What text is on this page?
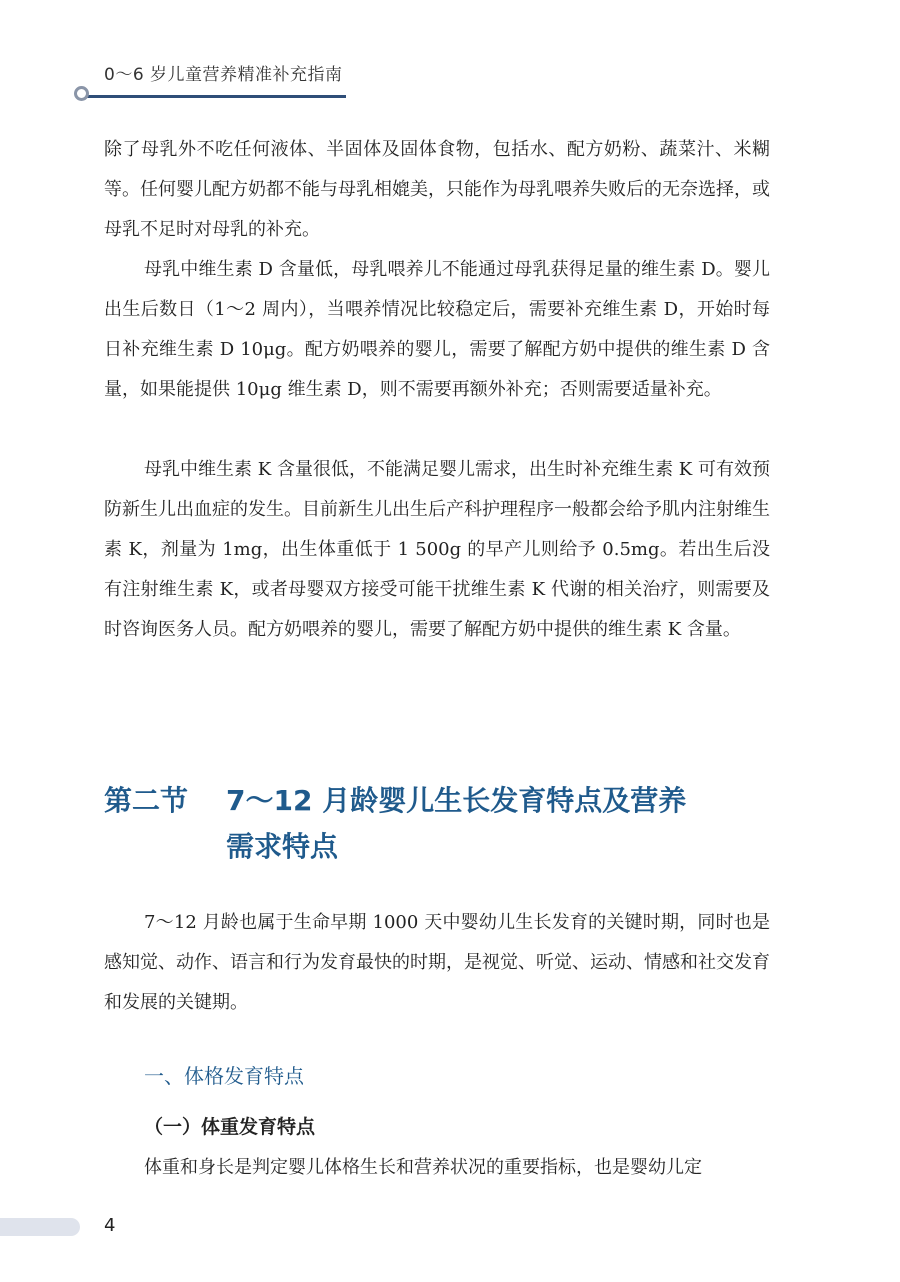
0～6 岁儿童营养精准补充指南

除了母乳外不吃任何液体、半固体及固体食物，包括水、配方奶粉、蔬菜汁、米糊等。任何婴儿配方奶都不能与母乳相媲美，只能作为母乳喂养失败后的无奈选择，或母乳不足时对母乳的补充。

母乳中维生素 D 含量低，母乳喂养儿不能通过母乳获得足量的维生素 D。婴儿出生后数日（1～2 周内），当喂养情况比较稳定后，需要补充维生素 D，开始时每日补充维生素 D 10μg。配方奶喂养的婴儿，需要了解配方奶中提供的维生素 D 含量，如果能提供 10μg 维生素 D，则不需要再额外补充；否则需要适量补充。

母乳中维生素 K 含量很低，不能满足婴儿需求，出生时补充维生素 K 可有效预防新生儿出血症的发生。目前新生儿出生后产科护理程序一般都会给予肌内注射维生素 K，剂量为 1mg，出生体重低于 1 500g 的早产儿则给予 0.5mg。若出生后没有注射维生素 K，或者母婴双方接受可能干扰维生素 K 代谢的相关治疗，则需要及时咨询医务人员。配方奶喂养的婴儿，需要了解配方奶中提供的维生素 K 含量。

第二节 7～12 月龄婴儿生长发育特点及营养
需求特点

7～12 月龄也属于生命早期 1000 天中婴幼儿生长发育的关键时期，同时也是感知觉、动作、语言和行为发育最快的时期，是视觉、听觉、运动、情感和社交发育和发展的关键期。

一、体格发育特点
（一）体重发育特点

体重和身长是判定婴儿体格生长和营养状况的重要指标，也是婴幼儿定

4
